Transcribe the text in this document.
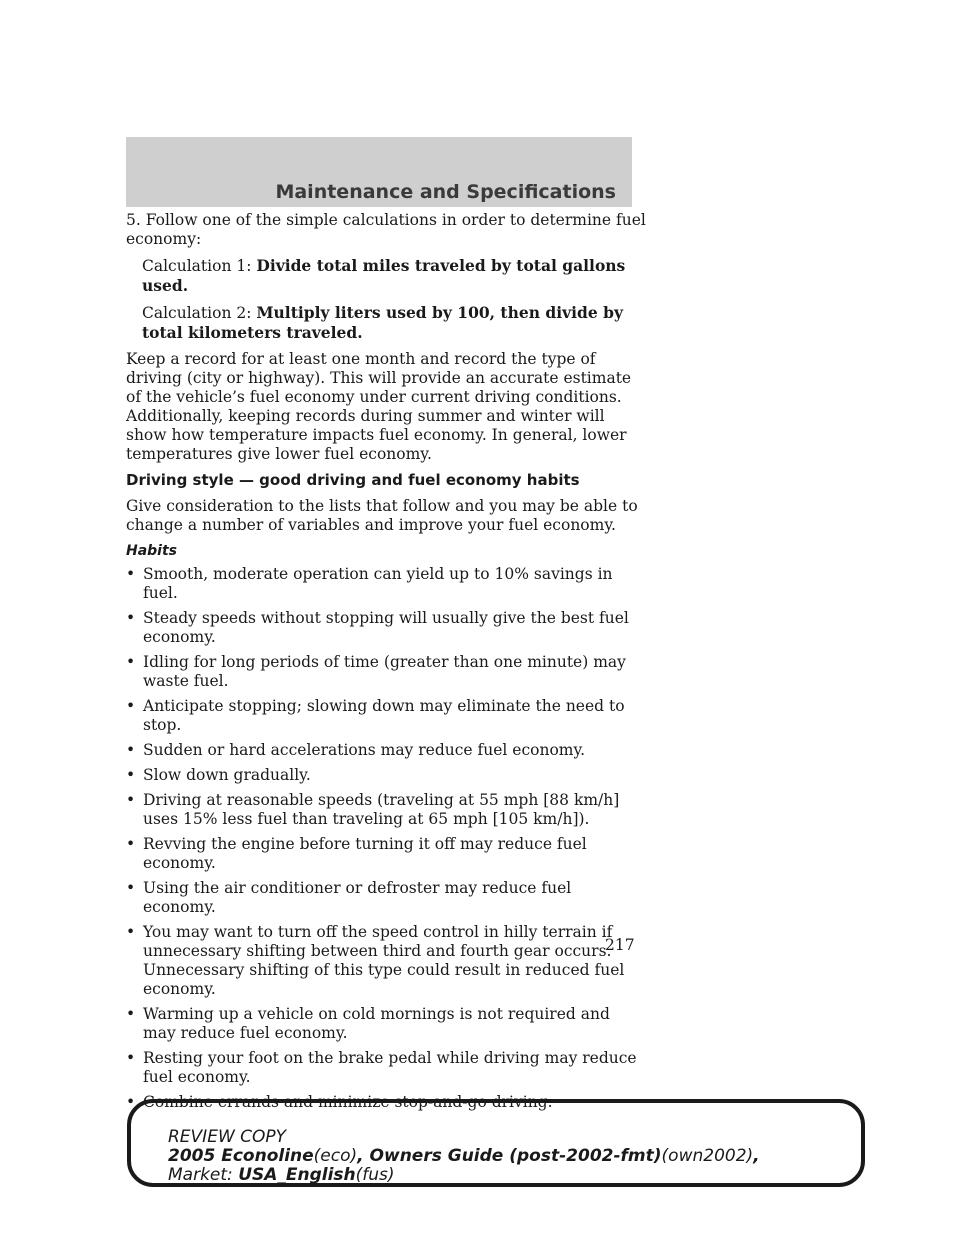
Maintenance and Specifications

5. Follow one of the simple calculations in order to determine fuel economy:

Calculation 1: Divide total miles traveled by total gallons used.

Calculation 2: Multiply liters used by 100, then divide by total kilometers traveled.

Keep a record for at least one month and record the type of driving (city or highway). This will provide an accurate estimate of the vehicle’s fuel economy under current driving conditions. Additionally, keeping records during summer and winter will show how temperature impacts fuel economy. In general, lower temperatures give lower fuel economy.

Driving style — good driving and fuel economy habits

Give consideration to the lists that follow and you may be able to change a number of variables and improve your fuel economy.

Habits
• Smooth, moderate operation can yield up to 10% savings in fuel.
• Steady speeds without stopping will usually give the best fuel economy.
• Idling for long periods of time (greater than one minute) may waste fuel.
• Anticipate stopping; slowing down may eliminate the need to stop.
• Sudden or hard accelerations may reduce fuel economy.
• Slow down gradually.
• Driving at reasonable speeds (traveling at 55 mph [88 km/h] uses 15% less fuel than traveling at 65 mph [105 km/h]).
• Revving the engine before turning it off may reduce fuel economy.
• Using the air conditioner or defroster may reduce fuel economy.
• You may want to turn off the speed control in hilly terrain if unnecessary shifting between third and fourth gear occurs. Unnecessary shifting of this type could result in reduced fuel economy.
• Warming up a vehicle on cold mornings is not required and may reduce fuel economy.
• Resting your foot on the brake pedal while driving may reduce fuel economy.
• Combine errands and minimize stop-and-go driving.
217
REVIEW COPY
2005 Econoline(eco), Owners Guide (post-2002-fmt)(own2002),
Market: USA_English(fus)
